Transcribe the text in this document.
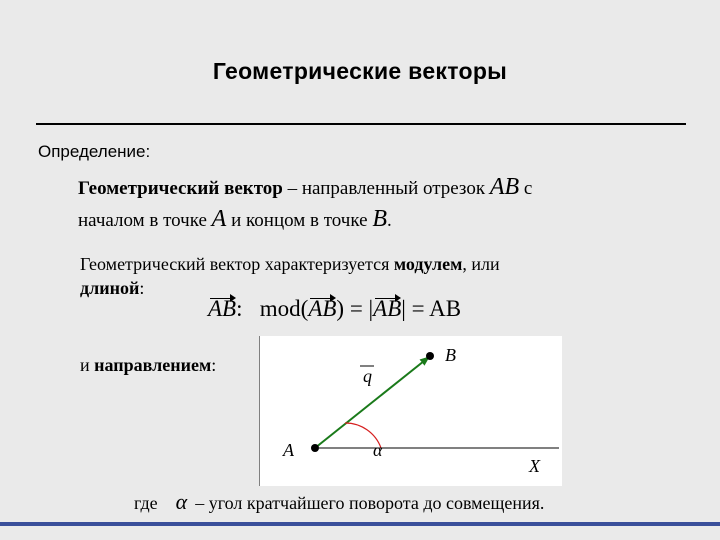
Геометрические векторы
Определение:
Геометрический вектор – направленный отрезок AB с
началом в точке A и концом в точке B.
Геометрический вектор характеризуется модулем, или
длиной:
AB: mod(AB) = |AB| = AB
и направлением:
A
B
q
α
X
где α – угол кратчайшего поворота до совмещения.
